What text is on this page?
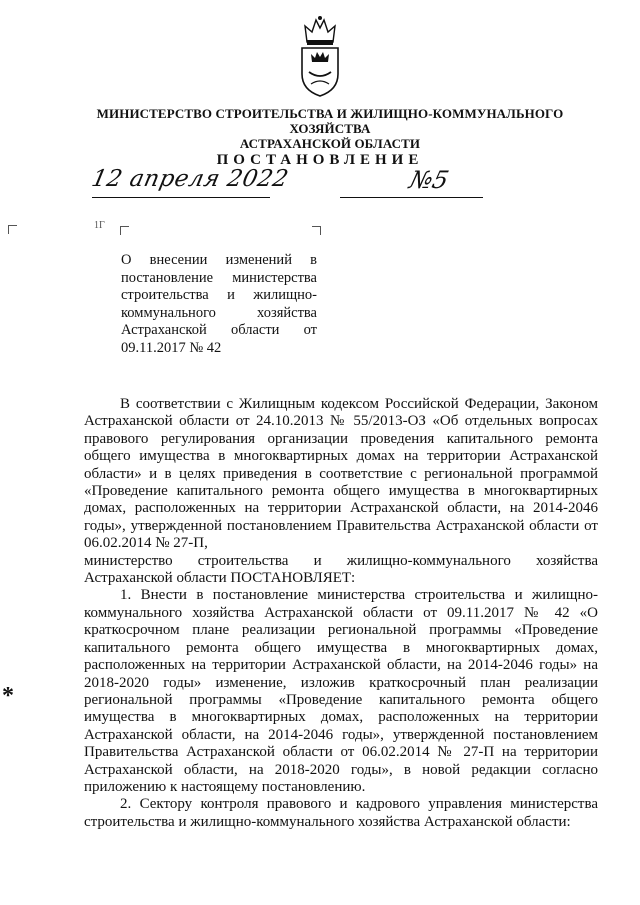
МИНИСТЕРСТВО СТРОИТЕЛЬСТВА И ЖИЛИЩНО-КОММУНАЛЬНОГО ХОЗЯЙСТВА
АСТРАХАНСКОЙ ОБЛАСТИ
ПОСТАНОВЛЕНИЕ
12 апреля 2022	№5
1Г
О внесении изменений в
постановление министерства
строительства и жилищно-
коммунального хозяйства
Астраханской области от
09.11.2017 № 42

В соответствии с Жилищным кодексом Российской Федерации, Законом Астраханской области от 24.10.2013 № 55/2013-ОЗ «Об отдельных вопросах правового регулирования организации проведения капитального ремонта общего имущества в многоквартирных домах на территории Астраханской области» и в целях приведения в соответствие с региональной программой «Проведение капитального ремонта общего имущества в многоквартирных домах, расположенных на территории Астраханской области, на 2014-2046 годы», утвержденной постановлением Правительства Астраханской области от 06.02.2014 № 27-П,

министерство строительства и жилищно-коммунального хозяйства Астраханской области ПОСТАНОВЛЯЕТ:

1. Внести в постановление министерства строительства и жилищно-коммунального хозяйства Астраханской области от 09.11.2017 № 42 «О краткосрочном плане реализации региональной программы «Проведение капитального ремонта общего имущества в многоквартирных домах, расположенных на территории Астраханской области, на 2014-2046 годы» на 2018-2020 годы» изменение, изложив краткосрочный план реализации региональной программы «Проведение капитального ремонта общего имущества в многоквартирных домах, расположенных на территории Астраханской области, на 2014-2046 годы», утвержденной постановлением Правительства Астраханской области от 06.02.2014 № 27-П на территории Астраханской области, на 2018-2020 годы», в новой редакции согласно приложению к настоящему постановлению.

2. Сектору контроля правового и кадрового управления министерства строительства и жилищно-коммунального хозяйства Астраханской области:

*
